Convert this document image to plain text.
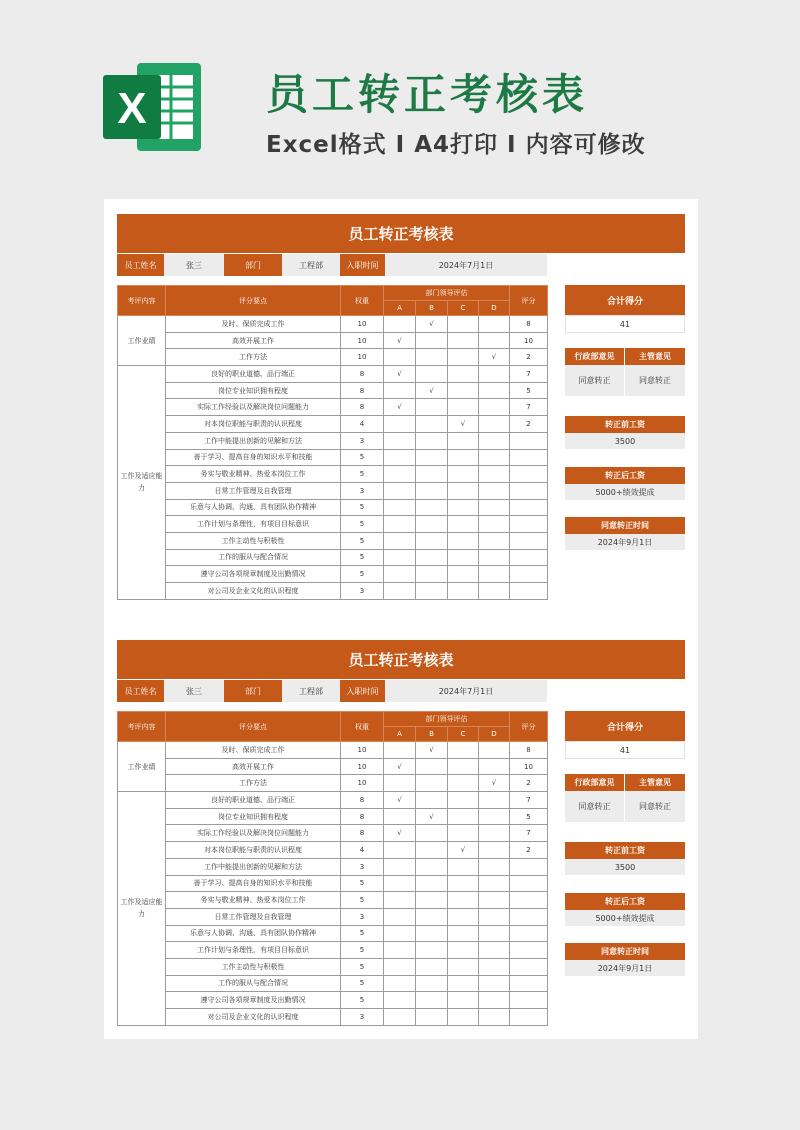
X	员工转正考核表
Excel格式 Ⅰ A4打印 Ⅰ 内容可修改
员工转正考核表
员工姓名	张三	部门	工程部	入职时间	2024年7月1日
考评内容	评分要点	权重	部门领导评估				评分
			A	B	C	D	
工作业绩	及时、保质完成工作	10		√			8
	高效开展工作	10	√				10
	工作方法	10				√	2
工作及适应能力	良好的职业道德、品行端正	8	√				7
	岗位专业知识拥有程度	8		√			5
	实际工作经验以及解决岗位问题能力	8	√				7
	对本岗位职能与职责的认识程度	4			√		2
	工作中能提出创新的见解和方法	3					
	善于学习、提高自身的知识水平和技能	5					
	务实与敬业精神、热爱本岗位工作	5					
	日常工作管理及自我管理	3					
	乐意与人协调、沟通、具有团队协作精神	5					
	工作计划与条理性，有项目目标意识	5					
	工作主动性与积极性	5					
	工作的服从与配合情况	5					
	遵守公司各项规章制度及出勤情况	5					
	对公司及企业文化的认识程度	3					
合计得分
41
行政部意见
同意转正
主管意见
同意转正
转正前工资
3500
转正后工资
5000+绩效提成
同意转正时间
2024年9月1日
员工转正考核表
员工姓名	张三	部门	工程部	入职时间	2024年7月1日
考评内容	评分要点	权重	部门领导评估				评分
			A	B	C	D	
工作业绩	及时、保质完成工作	10		√			8
	高效开展工作	10	√				10
	工作方法	10				√	2
工作及适应能力	良好的职业道德、品行端正	8	√				7
	岗位专业知识拥有程度	8		√			5
	实际工作经验以及解决岗位问题能力	8	√				7
	对本岗位职能与职责的认识程度	4			√		2
	工作中能提出创新的见解和方法	3					
	善于学习、提高自身的知识水平和技能	5					
	务实与敬业精神、热爱本岗位工作	5					
	日常工作管理及自我管理	3					
	乐意与人协调、沟通、具有团队协作精神	5					
	工作计划与条理性，有项目目标意识	5					
	工作主动性与积极性	5					
	工作的服从与配合情况	5					
	遵守公司各项规章制度及出勤情况	5					
	对公司及企业文化的认识程度	3					
合计得分
41
行政部意见
同意转正
主管意见
同意转正
转正前工资
3500
转正后工资
5000+绩效提成
同意转正时间
2024年9月1日
